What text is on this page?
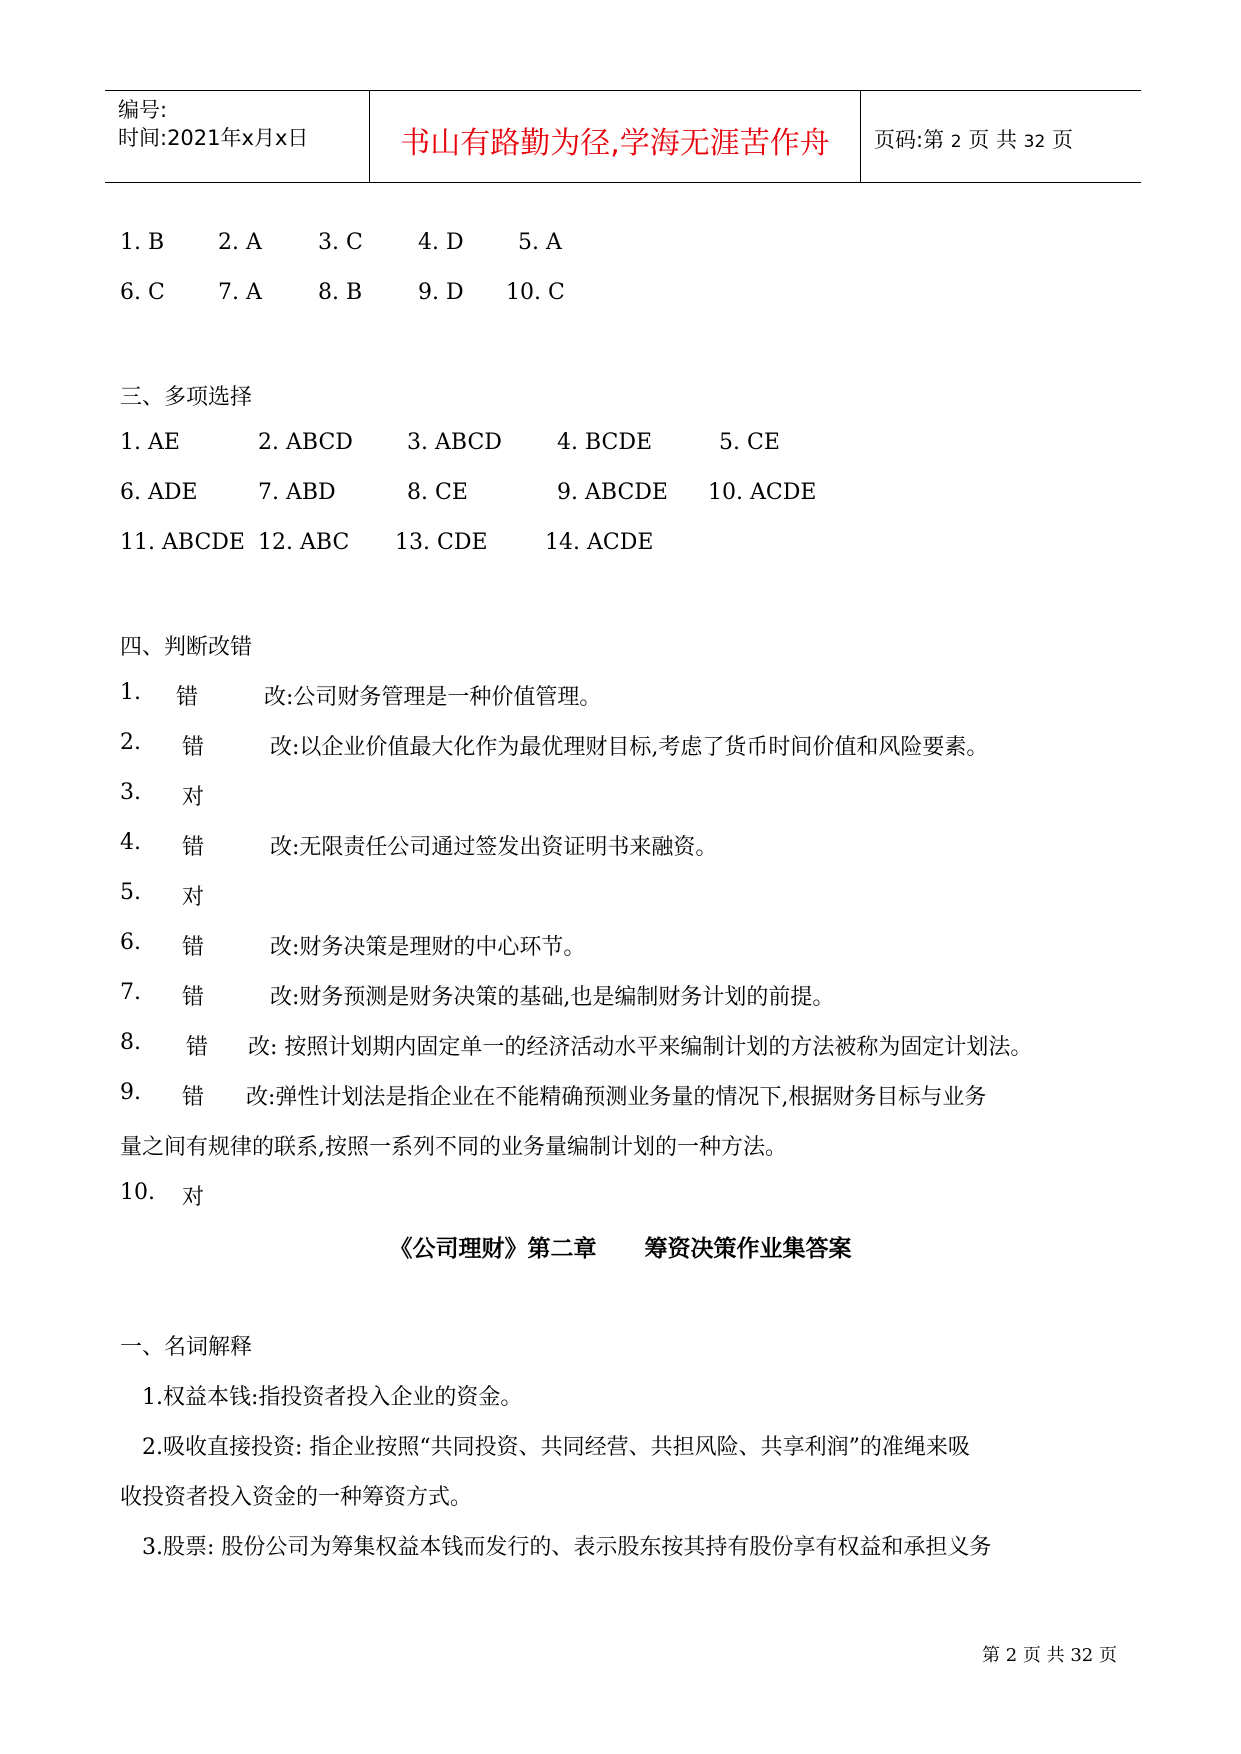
编号:
时间:2021年x月x日	书山有路勤为径,学海无涯苦作舟	页码:第 2 页 共 32 页
1. B 2. A	3. C	4. D 5. A
6. C 7. A	8. B	9. D 10. C
三、多项选择
1. AE	2. ABCD 3. ABCD	4. BCDE	5. CE
6. ADE	7. ABD	8. CE	9. ABCDE 10. ACDE
11. ABCDE 12. ABC 13. CDE	14. ACDE
四、判断改错
1. 错	改:公司财务管理是一种价值管理。
2. 错	改:以企业价值最大化作为最优理财目标,考虑了货币时间价值和风险要素。
3. 对
4. 错	改:无限责任公司通过签发出资证明书来融资。
5. 对
6. 错	改:财务决策是理财的中心环节。
7. 错	改:财务预测是财务决策的基础,也是编制财务计划的前提。
8. 错 改: 按照计划期内固定单一的经济活动水平来编制计划的方法被称为固定计划法。
9. 错 改:弹性计划法是指企业在不能精确预测业务量的情况下,根据财务目标与业务
量之间有规律的联系,按照一系列不同的业务量编制计划的一种方法。
10. 对
《公司理财》第二章      筹资决策作业集答案
一、名词解释
1.权益本钱:指投资者投入企业的资金。
2.吸收直接投资: 指企业按照“共同投资、共同经营、共担风险、共享利润”的准绳来吸
收投资者投入资金的一种筹资方式。
3.股票: 股份公司为筹集权益本钱而发行的、表示股东按其持有股份享有权益和承担义务
第 2 页 共 32 页
